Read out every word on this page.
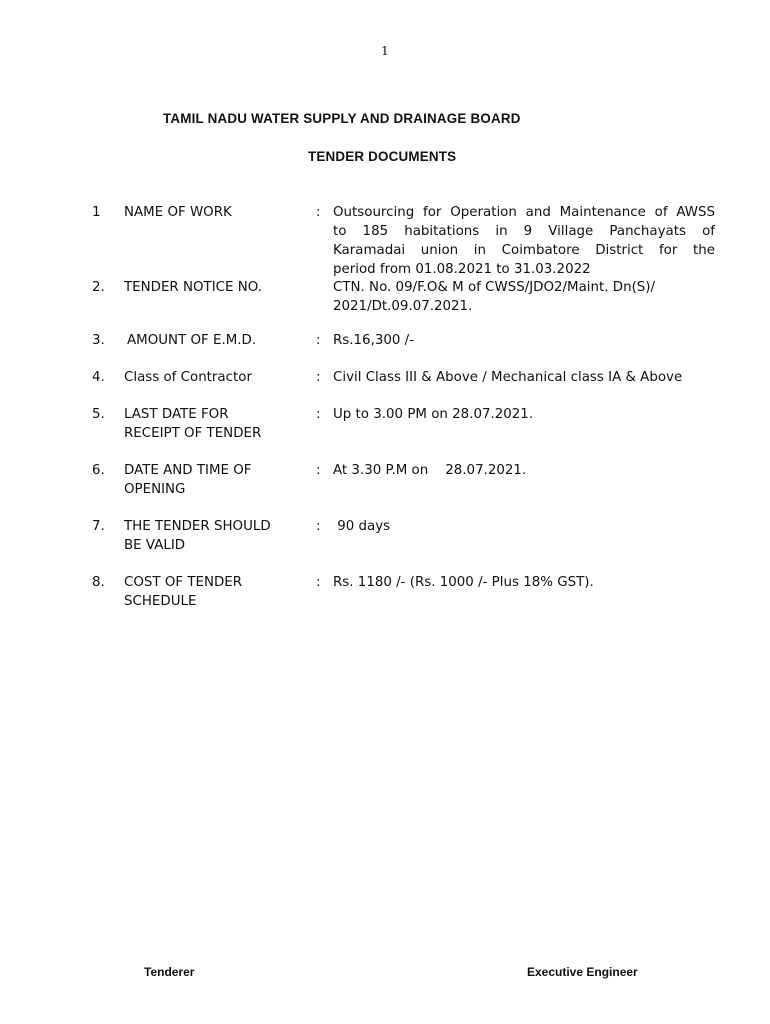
1
TAMIL NADU WATER SUPPLY AND DRAINAGE BOARD
TENDER DOCUMENTS
1 NAME OF WORK	: Outsourcing for Operation and Maintenance of AWSS
to 185 habitations in 9 Village Panchayats of
Karamadai union in Coimbatore District for the
period from 01.08.2021 to 31.03.2022
2. TENDER NOTICE NO.	CTN. No. 09/F.O& M of CWSS/JDO2/Maint. Dn(S)/
2021/Dt.09.07.2021.
3. AMOUNT OF E.M.D.	: Rs.16,300 /-
4. Class of Contractor	: Civil Class III & Above / Mechanical class IA & Above
5. LAST DATE FOR
RECEIPT OF TENDER
: Up to 3.00 PM on 28.07.2021.
6. DATE AND TIME OF
OPENING
: At 3.30 P.M on    28.07.2021.
7. THE TENDER SHOULD
BE VALID
: 90 days
8. COST OF TENDER
SCHEDULE
: Rs. 1180 /- (Rs. 1000 /- Plus 18% GST).
Tenderer	Executive Engineer
